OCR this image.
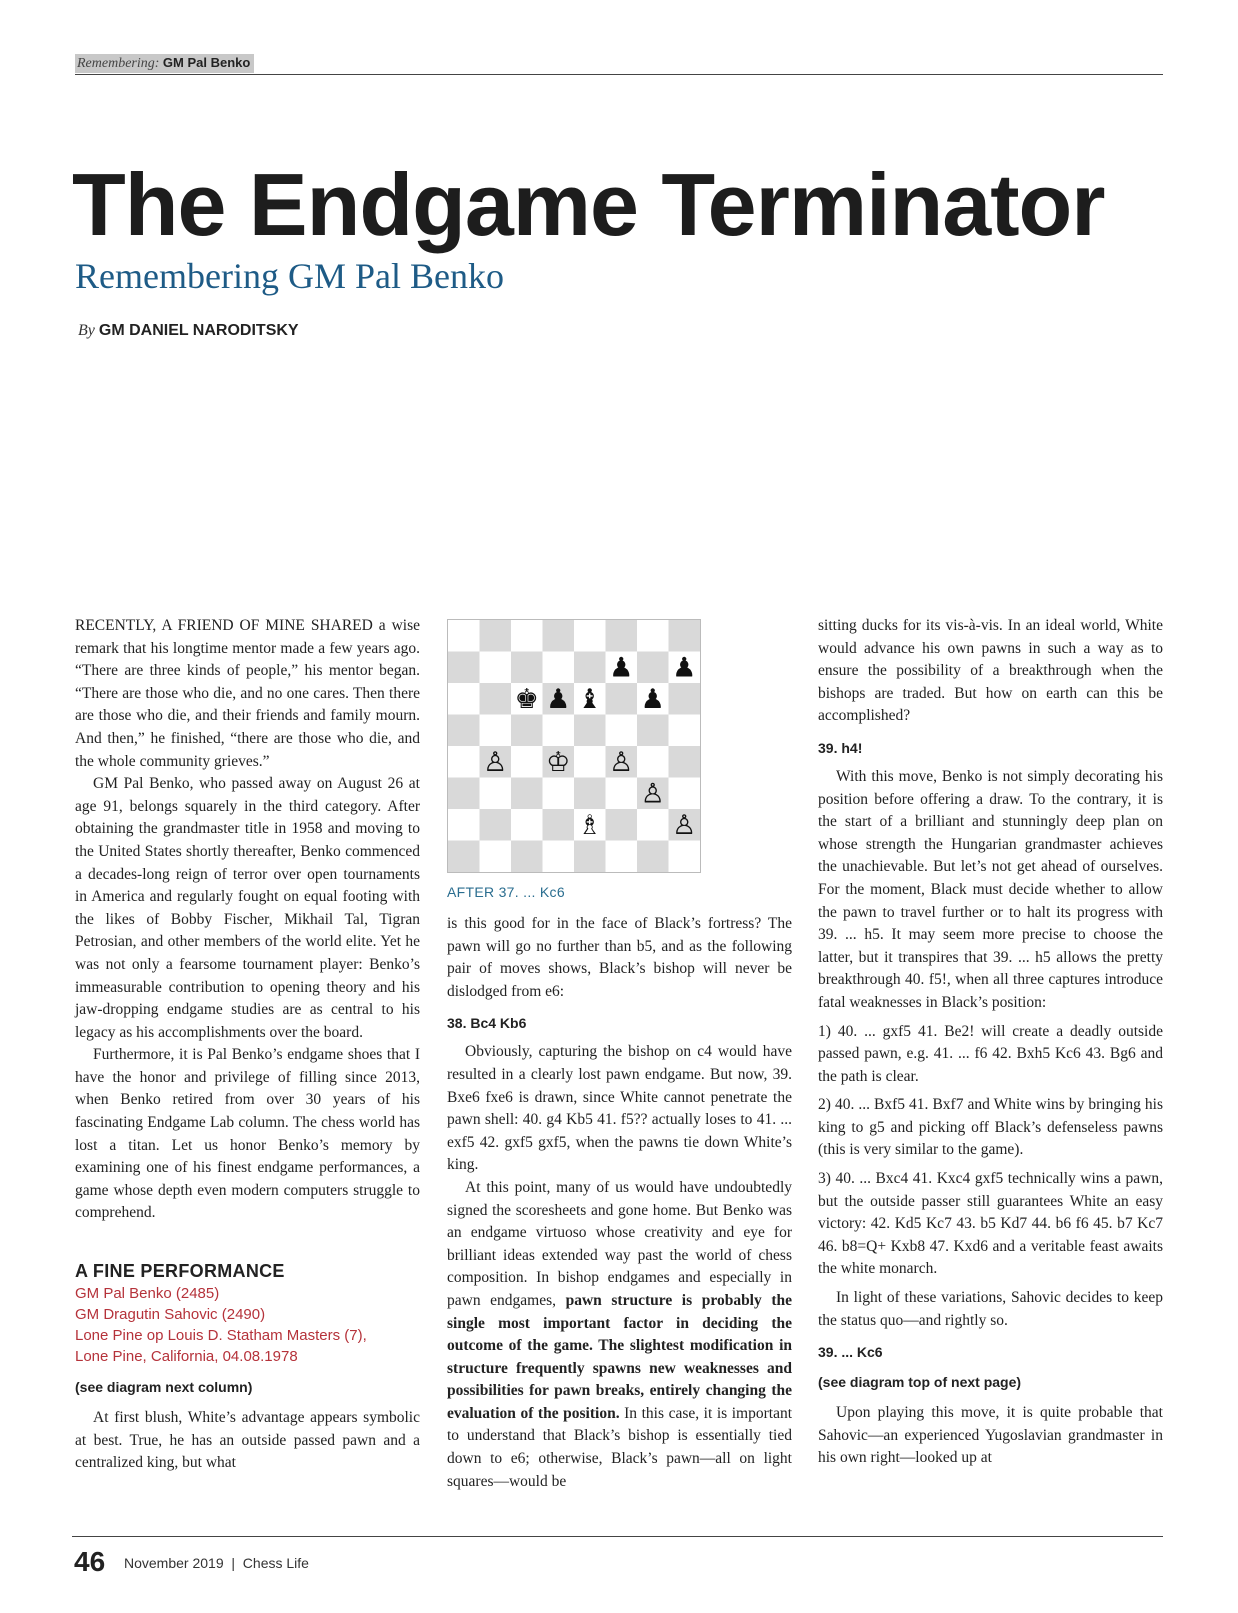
Remembering: GM Pal Benko
The Endgame Terminator
Remembering GM Pal Benko
By GM DANIEL NARODITSKY

RECENTLY, A FRIEND OF MINE SHARED a wise remark that his longtime mentor made a few years ago. “There are three kinds of people,” his mentor began. “There are those who die, and no one cares. Then there are those who die, and their friends and family mourn. And then,” he finished, “there are those who die, and the whole community grieves.”

GM Pal Benko, who passed away on August 26 at age 91, belongs squarely in the third category. After obtaining the grandmaster title in 1958 and moving to the United States shortly thereafter, Benko commenced a decades-long reign of terror over open tournaments in America and regularly fought on equal footing with the likes of Bobby Fischer, Mikhail Tal, Tigran Petrosian, and other members of the world elite. Yet he was not only a fearsome tournament player: Benko’s immeasurable contribution to opening theory and his jaw-dropping endgame studies are as central to his legacy as his accomplishments over the board.

Furthermore, it is Pal Benko’s endgame shoes that I have the honor and privilege of filling since 2013, when Benko retired from over 30 years of his fascinating Endgame Lab column. The chess world has lost a titan. Let us honor Benko’s memory by examining one of his finest endgame performances, a game whose depth even modern computers struggle to comprehend.

A FINE PERFORMANCE

GM Pal Benko (2485)

GM Dragutin Sahovic (2490)

Lone Pine op Louis D. Statham Masters (7),

Lone Pine, California, 04.08.1978

(see diagram next column)

At first blush, White’s advantage appears symbolic at best. True, he has an outside passed pawn and a centralized king, but what

♟ ♟
♚ ♟ ♝ ♟
♙ ♔ ♙
♙
♗	♙

AFTER 37. ... Kc6

is this good for in the face of Black’s fortress? The pawn will go no further than b5, and as the following pair of moves shows, Black’s bishop will never be dislodged from e6:

38. Bc4 Kb6

Obviously, capturing the bishop on c4 would have resulted in a clearly lost pawn endgame. But now, 39. Bxe6 fxe6 is drawn, since White cannot penetrate the pawn shell: 40. g4 Kb5 41. f5?? actually loses to 41. ... exf5 42. gxf5 gxf5, when the pawns tie down White’s king.

At this point, many of us would have undoubtedly signed the scoresheets and gone home. But Benko was an endgame virtuoso whose creativity and eye for brilliant ideas extended way past the world of chess composition. In bishop endgames and especially in pawn endgames, pawn structure is probably the single most important factor in deciding the outcome of the game. The slightest modification in structure frequently spawns new weaknesses and possibilities for pawn breaks, entirely changing the evaluation of the position. In this case, it is important to understand that Black’s bishop is essentially tied down to e6; otherwise, Black’s pawn—all on light squares—would be

sitting ducks for its vis-à-vis. In an ideal world, White would advance his own pawns in such a way as to ensure the possibility of a breakthrough when the bishops are traded. But how on earth can this be accomplished?

39. h4!

With this move, Benko is not simply decorating his position before offering a draw. To the contrary, it is the start of a brilliant and stunningly deep plan on whose strength the Hungarian grandmaster achieves the unachievable. But let’s not get ahead of ourselves. For the moment, Black must decide whether to allow the pawn to travel further or to halt its progress with 39. ... h5. It may seem more precise to choose the latter, but it transpires that 39. ... h5 allows the pretty breakthrough 40. f5!, when all three captures introduce fatal weaknesses in Black’s position:

1) 40. ... gxf5 41. Be2! will create a deadly outside passed pawn, e.g. 41. ... f6 42. Bxh5 Kc6 43. Bg6 and the path is clear.

2) 40. ... Bxf5 41. Bxf7 and White wins by bringing his king to g5 and picking off Black’s defenseless pawns (this is very similar to the game).

3) 40. ... Bxc4 41. Kxc4 gxf5 technically wins a pawn, but the outside passer still guarantees White an easy victory: 42. Kd5 Kc7 43. b5 Kd7 44. b6 f6 45. b7 Kc7 46. b8=Q+ Kxb8 47. Kxd6 and a veritable feast awaits the white monarch.

In light of these variations, Sahovic decides to keep the status quo—and rightly so.

39. ... Kc6

(see diagram top of next page)

Upon playing this move, it is quite probable that Sahovic—an experienced Yugoslavian grandmaster in his own right—looked up at

46 November 2019  |  Chess Life
